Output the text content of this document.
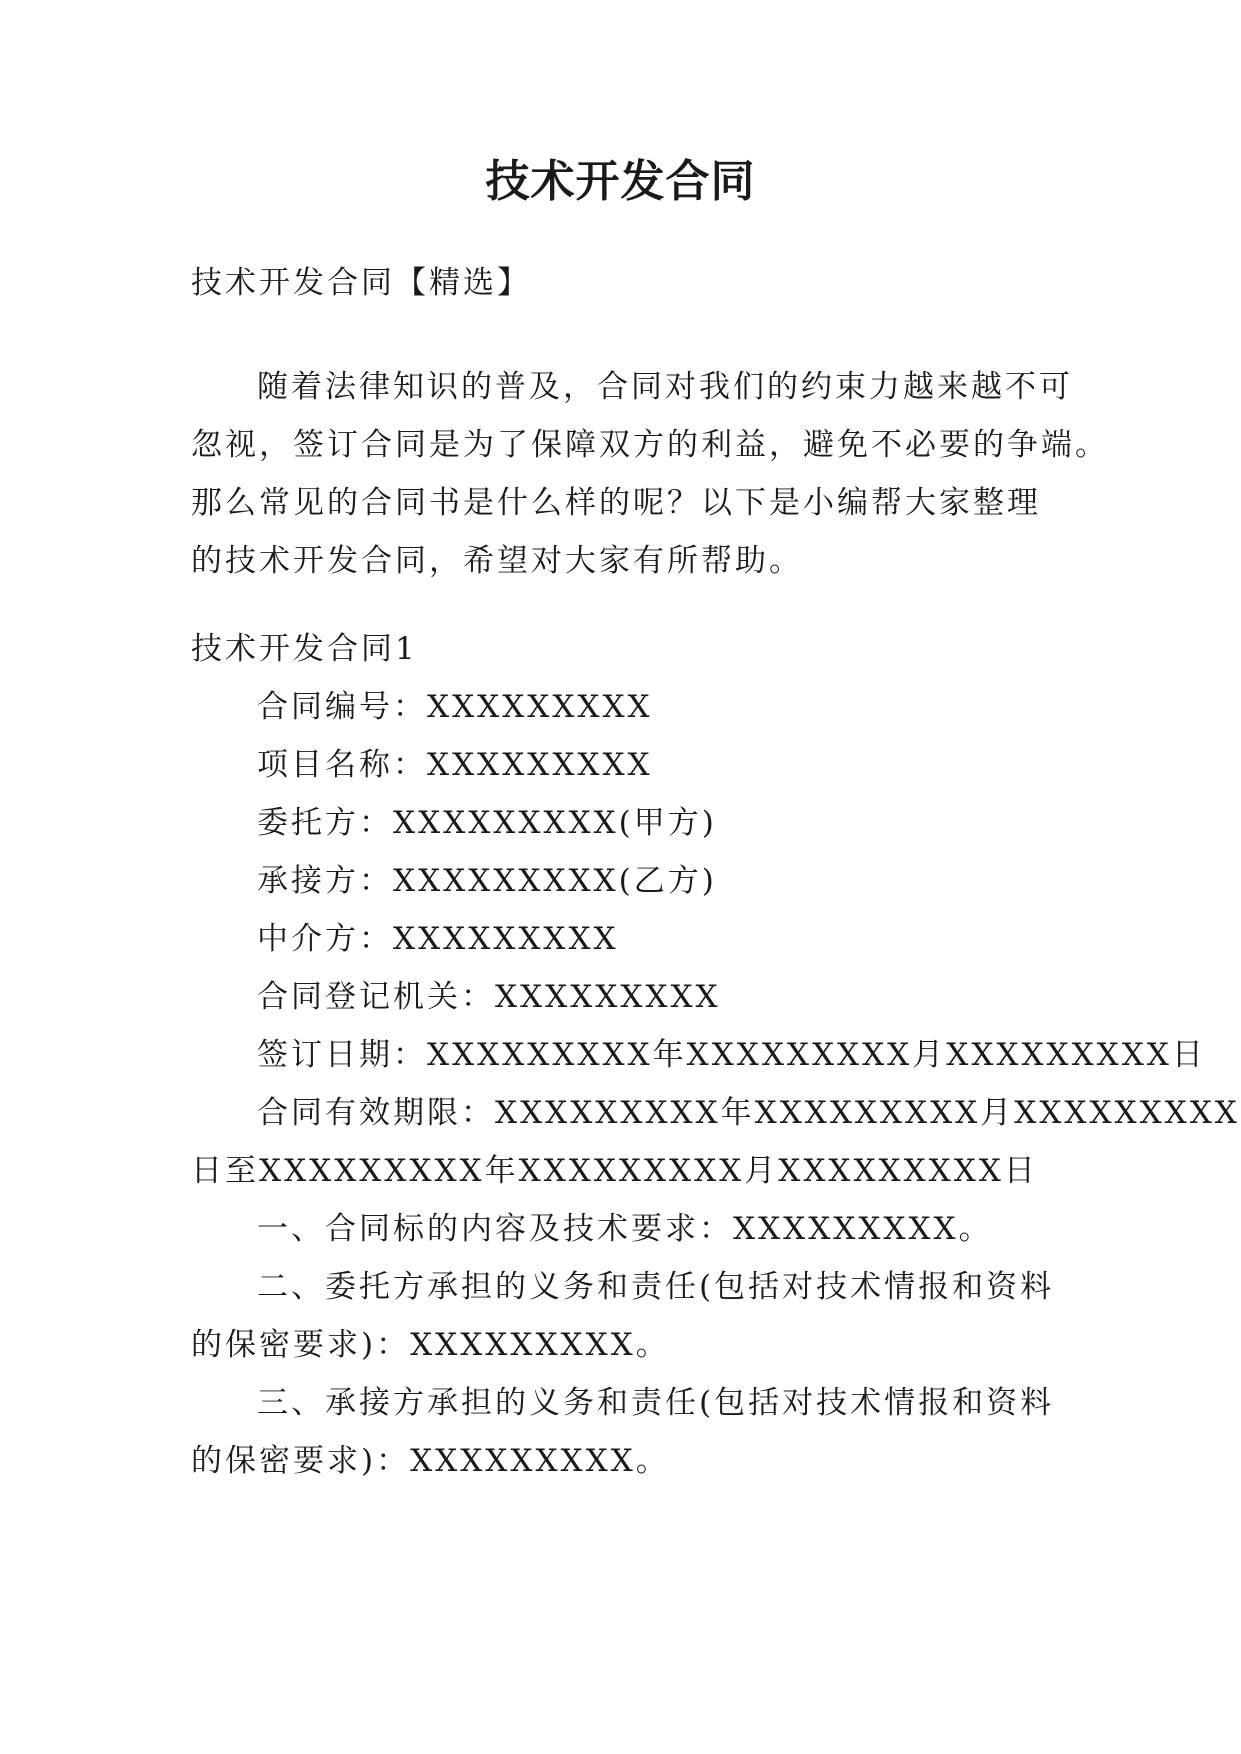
技术开发合同
技术开发合同【精选】
随着法律知识的普及，合同对我们的约束力越来越不可
忽视，签订合同是为了保障双方的利益，避免不必要的争端。
那么常见的合同书是什么样的呢？以下是小编帮大家整理
的技术开发合同，希望对大家有所帮助。
技术开发合同1
合同编号：XXXXXXXXX
项目名称：XXXXXXXXX
委托方：XXXXXXXXX(甲方)
承接方：XXXXXXXXX(乙方)
中介方：XXXXXXXXX
合同登记机关：XXXXXXXXX
签订日期：XXXXXXXXX年XXXXXXXXX月XXXXXXXXX日
合同有效期限：XXXXXXXXX年XXXXXXXXX月XXXXXXXXX
日至XXXXXXXXX年XXXXXXXXX月XXXXXXXXX日
一、合同标的内容及技术要求：XXXXXXXXX。
二、委托方承担的义务和责任(包括对技术情报和资料
的保密要求)：XXXXXXXXX。
三、承接方承担的义务和责任(包括对技术情报和资料
的保密要求)：XXXXXXXXX。
